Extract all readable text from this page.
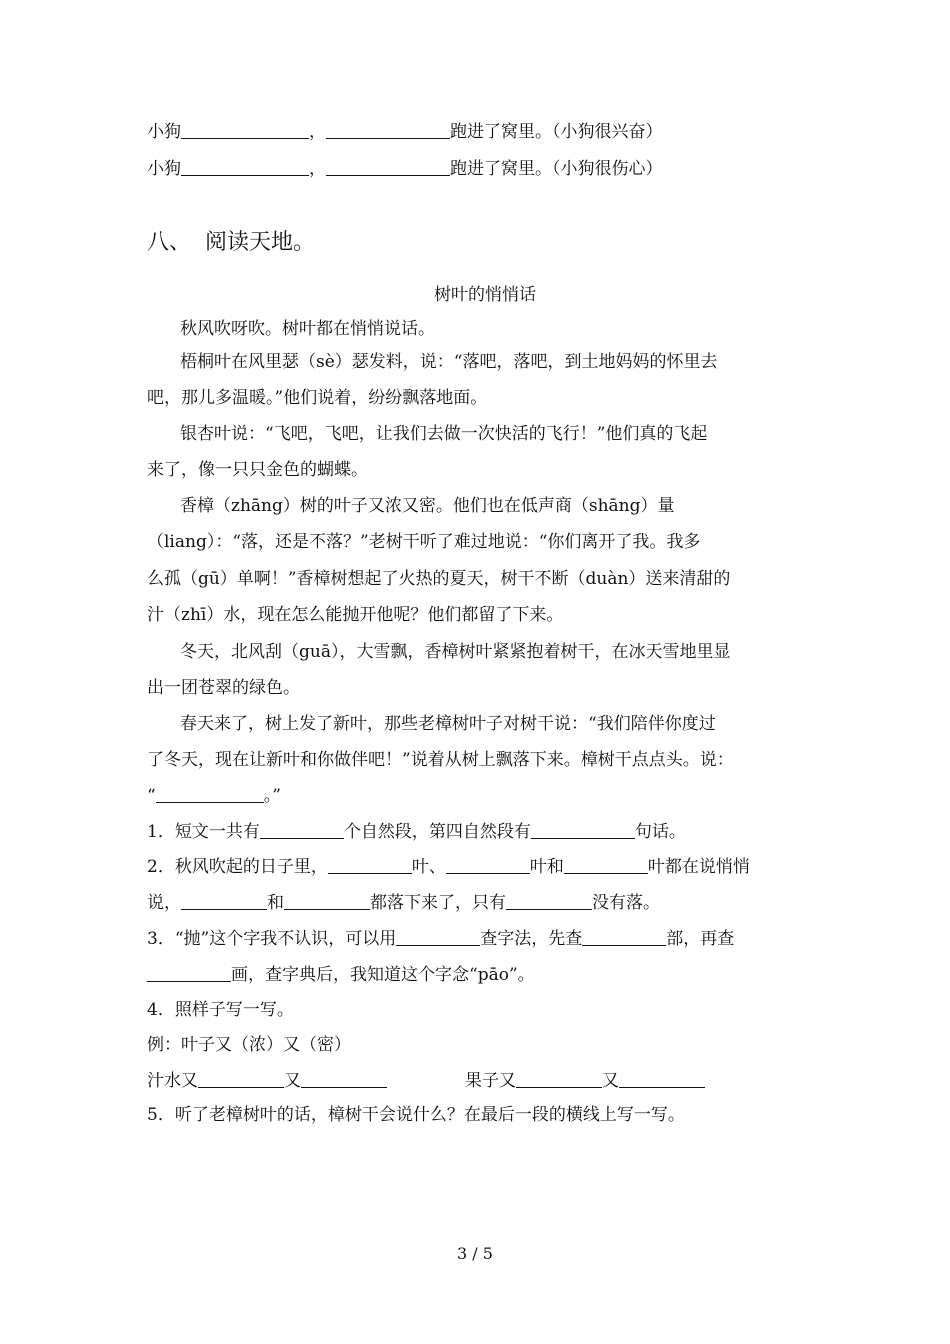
小狗	，	跑进了窝里。（小狗很兴奋）
小狗	，	跑进了窝里。（小狗很伤心）
八、 阅读天地。
树叶的悄悄话
秋风吹呀吹。树叶都在悄悄说话。
梧桐叶在风里瑟（sè）瑟发料，说：“落吧，落吧，到土地妈妈的怀里去
吧，那儿多温暖。”他们说着，纷纷飘落地面。
银杏叶说：“飞吧，飞吧，让我们去做一次快活的飞行！”他们真的飞起
来了，像一只只金色的蝴蝶。
香樟（zhāng）树的叶子又浓又密。他们也在低声商（shāng）量
（liang）：“落，还是不落？”老树干听了难过地说：“你们离开了我。我多
么孤（gū）单啊！”香樟树想起了火热的夏天，树干不断（duàn）送来清甜的
汁（zhī）水，现在怎么能抛开他呢？他们都留了下来。
冬天，北风刮（guā），大雪飘，香樟树叶紧紧抱着树干，在冰天雪地里显
出一团苍翠的绿色。
春天来了，树上发了新叶，那些老樟树叶子对树干说：“我们陪伴你度过
了冬天，现在让新叶和你做伴吧！”说着从树上飘落下来。樟树干点点头。说：
“	。”
1．短文一共有	个自然段，第四自然段有	句话。
2．秋风吹起的日子里，	叶、	叶和	叶都在说悄悄
说，	和	都落下来了，只有	没有落。
3．“抛”这个字我不认识，可以用	查字法，先查	部，再查
画，查字典后，我知道这个字念“pāo”。
4．照样子写一写。
例：叶子又（浓）又（密）
汁水又	又	果子又	又
5．听了老樟树叶的话，樟树干会说什么？在最后一段的横线上写一写。
3 / 5
